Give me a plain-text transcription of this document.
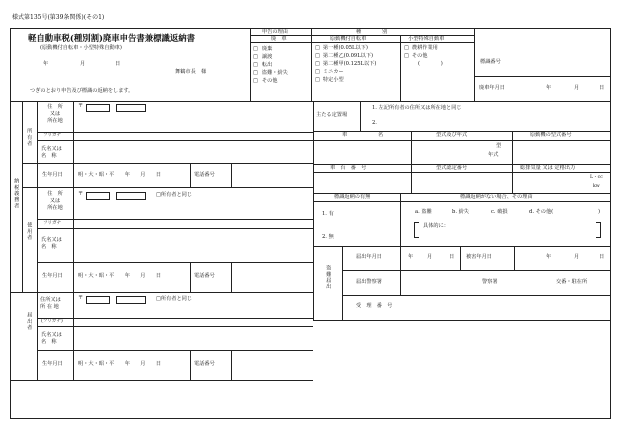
様式第135号(第39条関係)(その1)
軽自動車税(種別割)廃車申告書兼標識返納書
(原動機付自転車・小型特殊自動車)
年	月	日
舞鶴市長　様
つぎのとおり申告及び標識の返納をします。
申告の理由
廃　車
□ 廃棄
□ 譲渡
□ 転出
□ 盗難・紛失
□ その他
種　　　　別
原動機付自転車
□ 第一種(0.05L以下)
□ 第二種乙(0.09L以下)
□ 第二種甲(0.125L以下)
□ ミニカー
□ 特定小型
小型特殊自動車
□ 農耕作業用
□ その他
(　　　　)	標識番号
廃車年月日	年	月	日
主たる定置場
1. 左記所有者の住所又は所在地と同じ
2.
車	名	型式及び年式	原動機の型式番号
型
年式
車　台　番　号	型式認定番号	総排気量 又は 定格出力
L・cc
kw
標識返納の有無	標識返納がない場合、その理由
1. 有
2. 無
a. 盗難	b. 紛失	c. 破損	d. その他(	)
具体的に：
盗難届出
届出年月日	年	月	日 被害年月日	年	月	日
届出警察署	警察署	交番・駐在所
受　理　番　号
納税義務者
所有者
使用者
届出者
住　所
又は
所在地
〒
フリガナ
氏名又は
名　称
生年月日	明・大・昭・平　　年　　月　　日	電話番号
住　所
又は
所在地
〒	□所有者と同じ
フリガナ
氏名又は
名　称
生年月日	明・大・昭・平　　年　　月　　日	電話番号
住所又は
所 在 地
〒	□所有者と同じ
(フリガナ)
氏名又は
名　称
生年月日	明・大・昭・平　　年　　月　　日	電話番号
